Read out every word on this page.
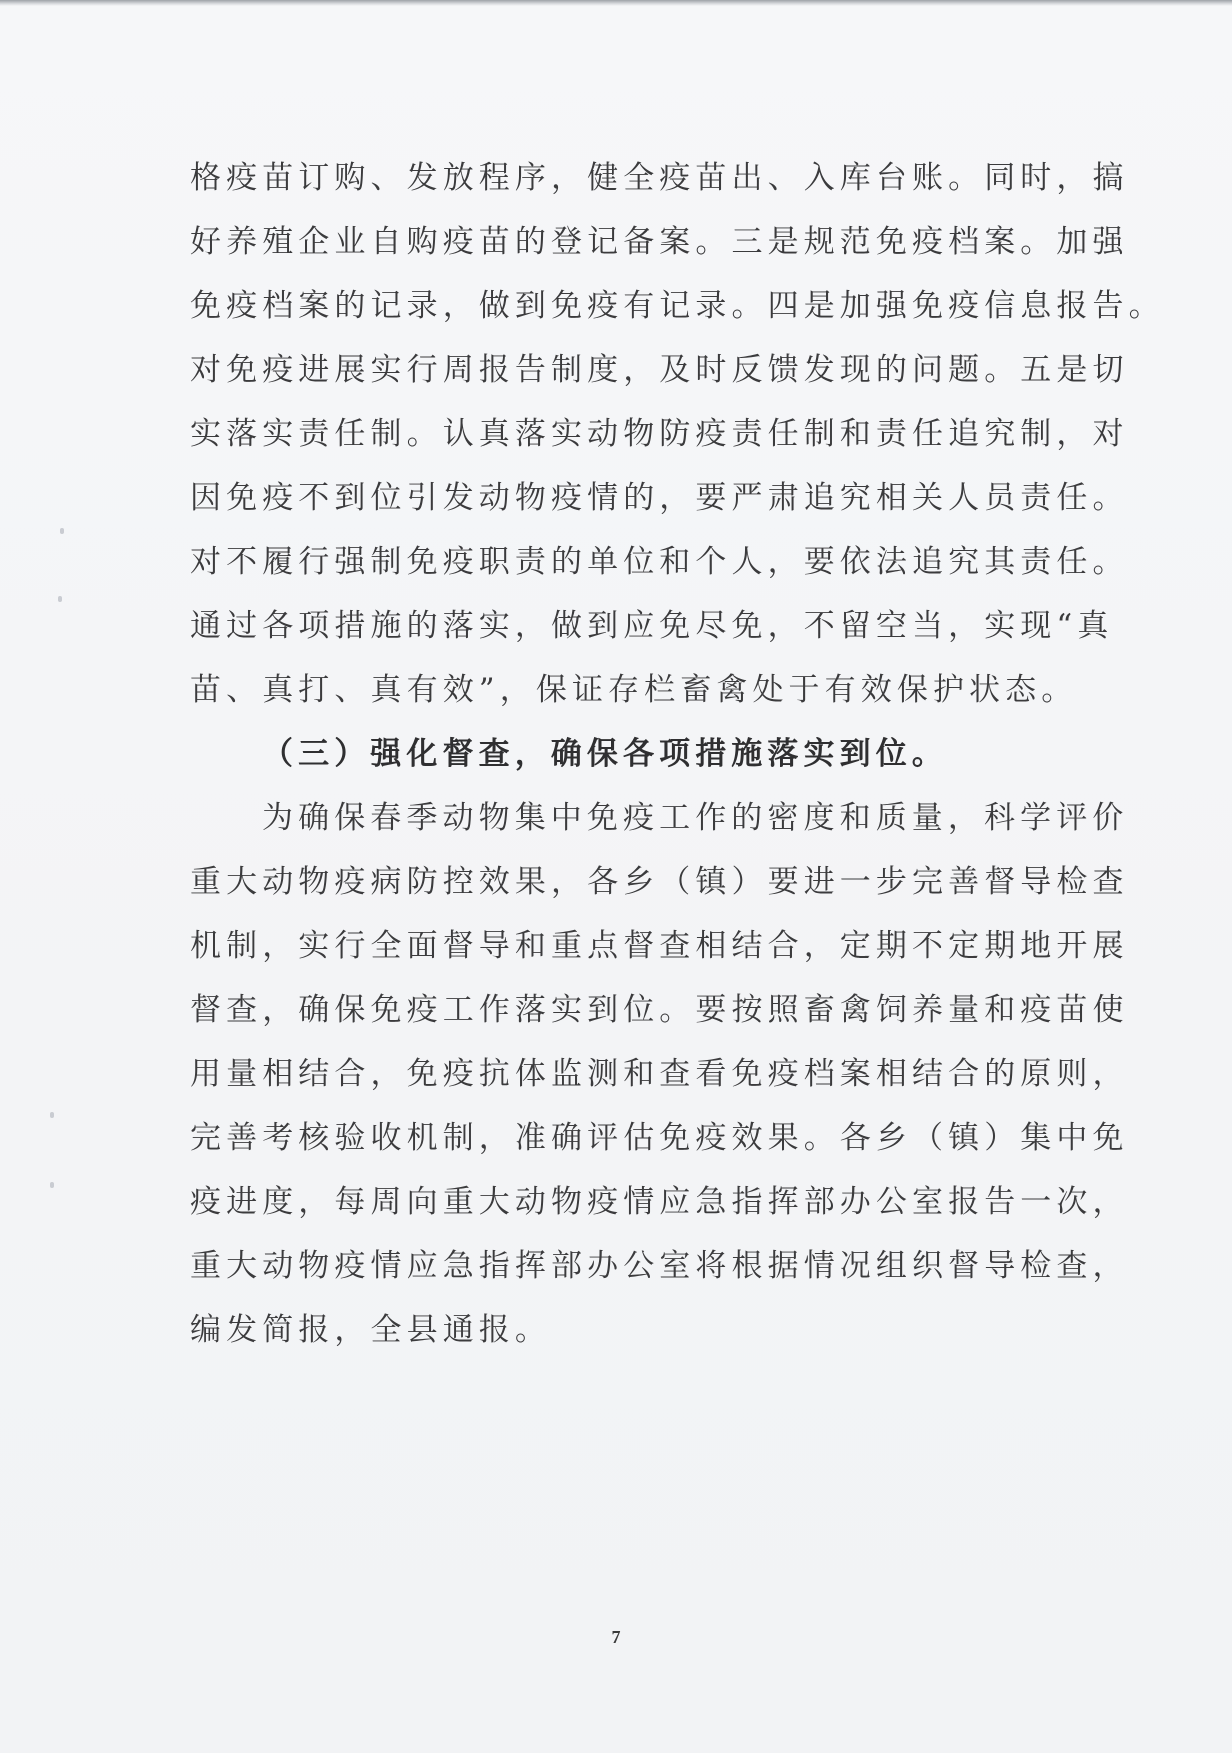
格疫苗订购、发放程序，健全疫苗出、入库台账。同时，搞
好养殖企业自购疫苗的登记备案。三是规范免疫档案。加强
免疫档案的记录，做到免疫有记录。四是加强免疫信息报告。
对免疫进展实行周报告制度，及时反馈发现的问题。五是切
实落实责任制。认真落实动物防疫责任制和责任追究制，对
因免疫不到位引发动物疫情的，要严肃追究相关人员责任。
对不履行强制免疫职责的单位和个人，要依法追究其责任。
通过各项措施的落实，做到应免尽免，不留空当，实现“真
苗、真打、真有效”，保证存栏畜禽处于有效保护状态。
（三）强化督查，确保各项措施落实到位。
为确保春季动物集中免疫工作的密度和质量，科学评价
重大动物疫病防控效果，各乡（镇）要进一步完善督导检查
机制，实行全面督导和重点督查相结合，定期不定期地开展
督查，确保免疫工作落实到位。要按照畜禽饲养量和疫苗使
用量相结合，免疫抗体监测和查看免疫档案相结合的原则，
完善考核验收机制，准确评估免疫效果。各乡（镇）集中免
疫进度，每周向重大动物疫情应急指挥部办公室报告一次，
重大动物疫情应急指挥部办公室将根据情况组织督导检查，
编发简报，全县通报。
7
